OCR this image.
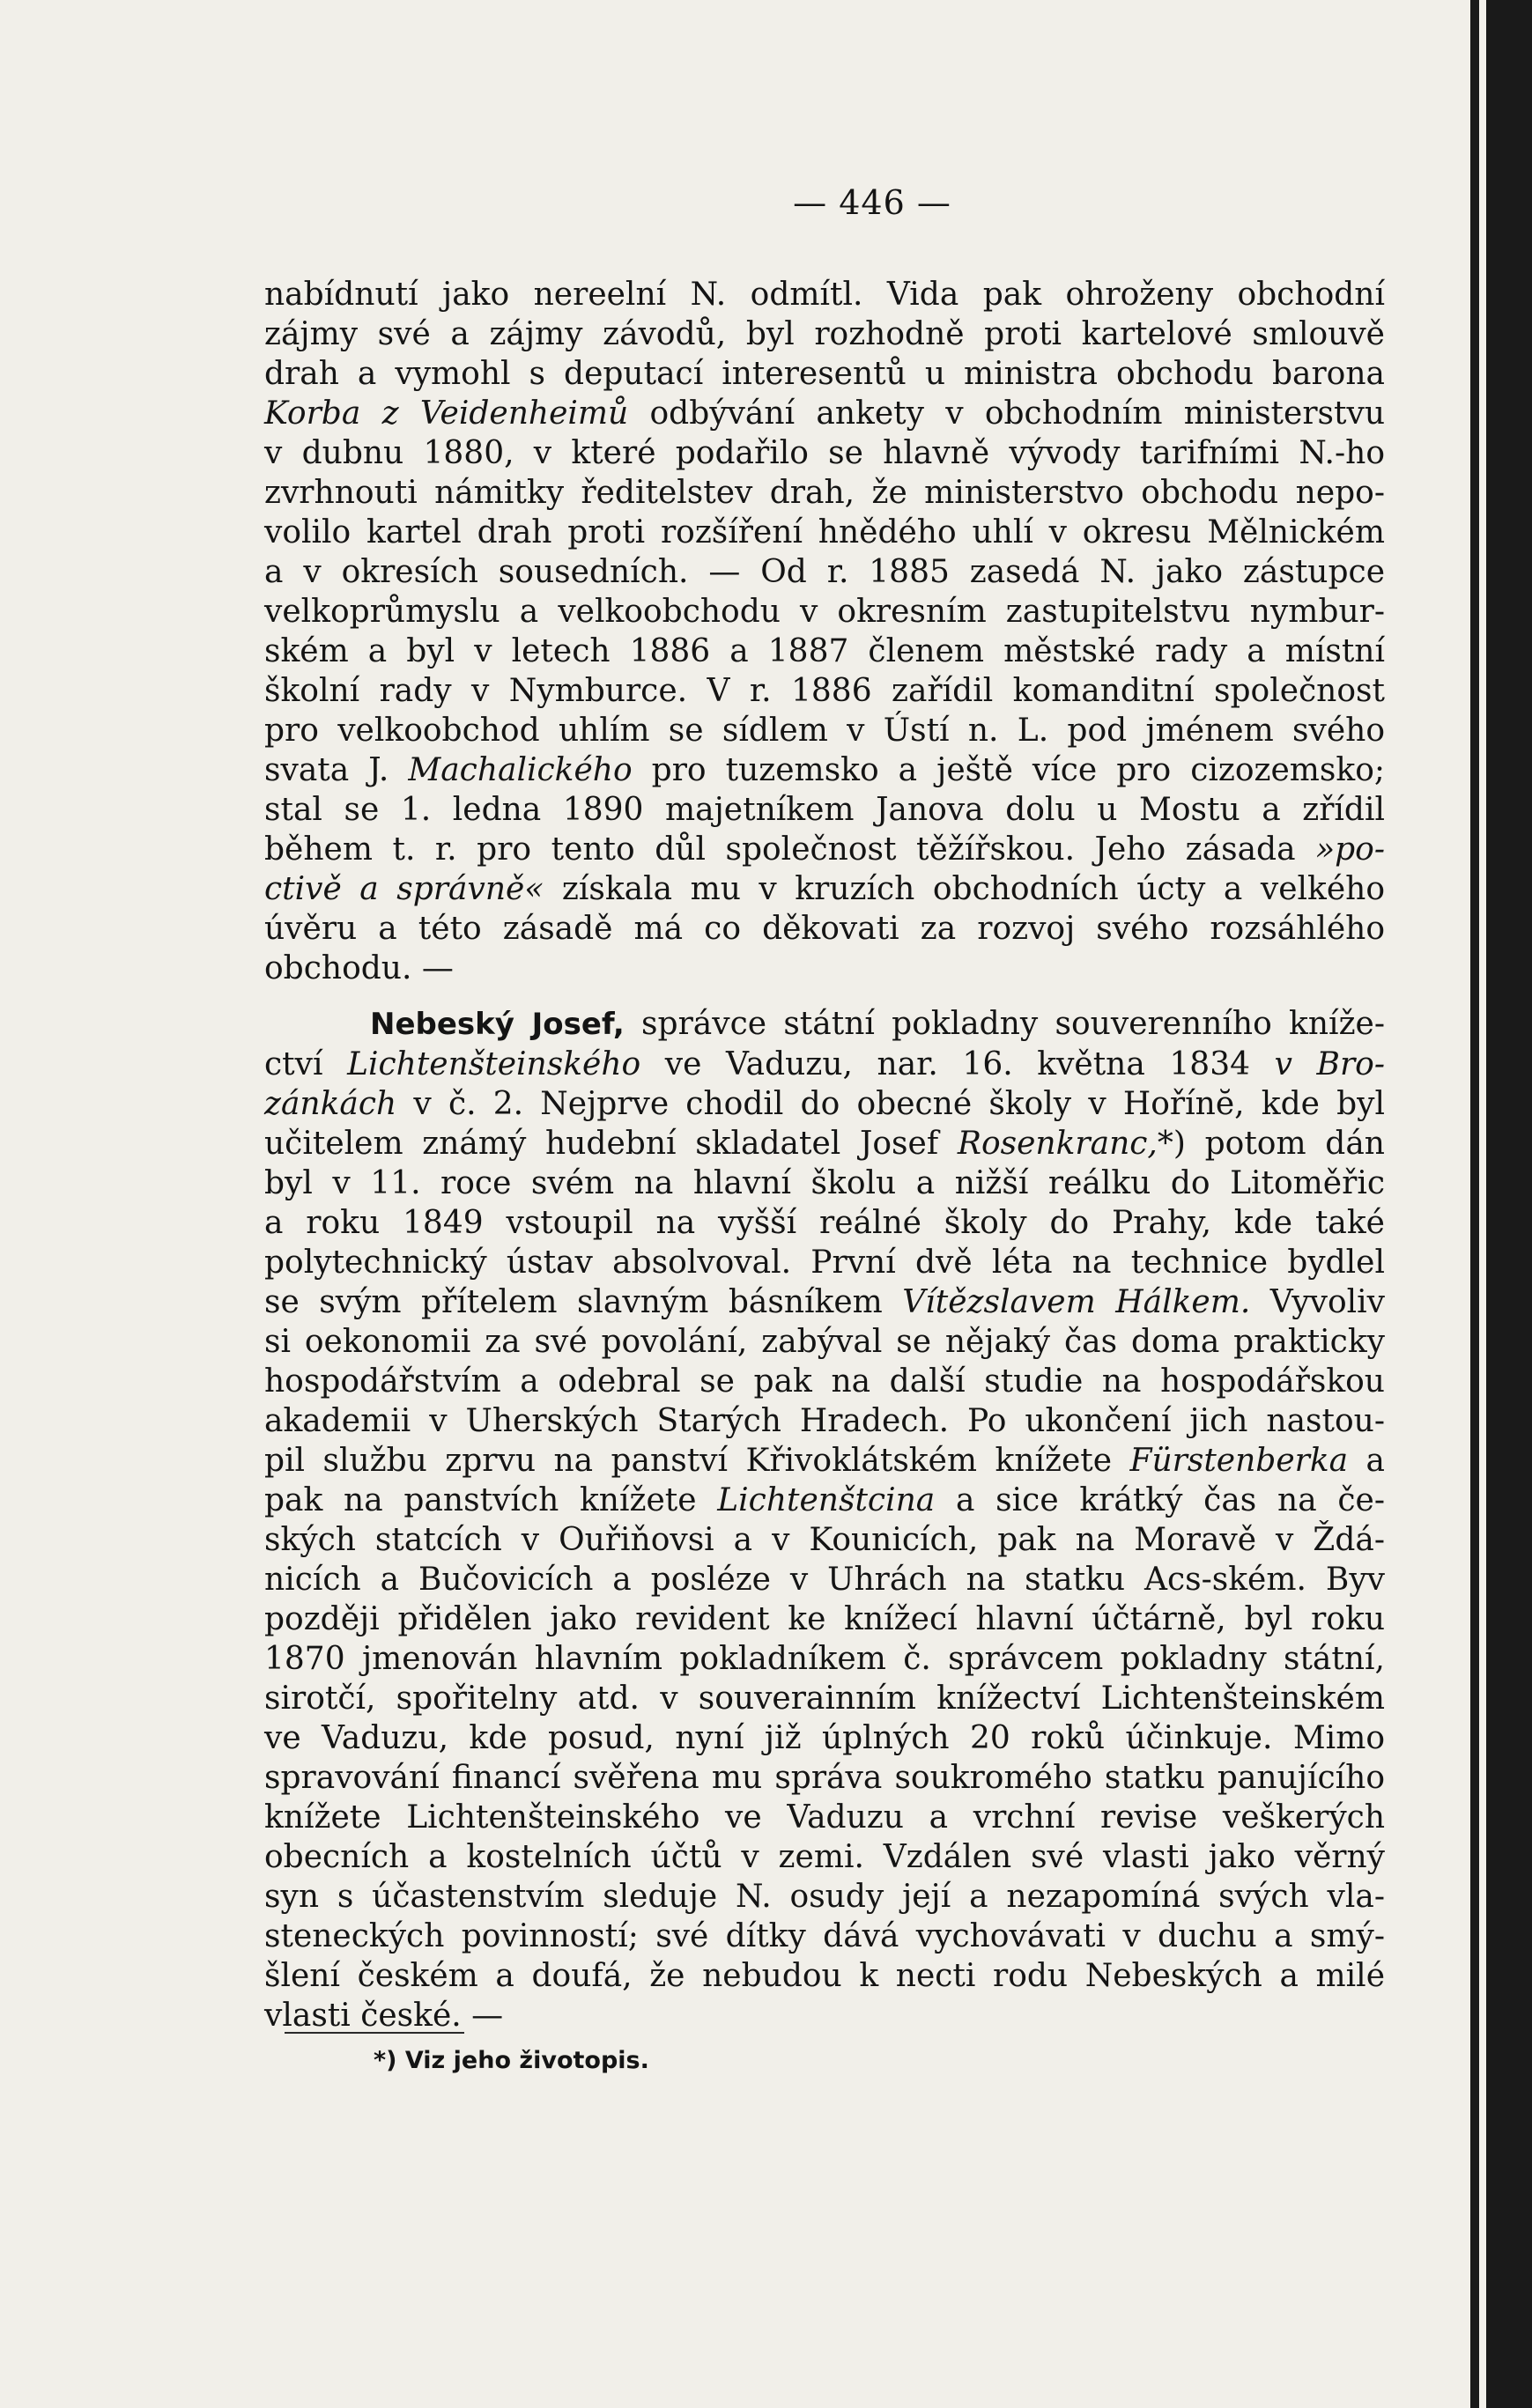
— 446 —
nabídnutí jako nereelní N. odmítl. Vida pak ohroženy obchodní
zájmy své a zájmy závodů, byl rozhodně proti kartelové smlouvě
drah a vymohl s deputací interesentů u ministra obchodu barona
Korba z Veidenheimů odbývání ankety v obchodním ministerstvu
v dubnu 1880, v které podařilo se hlavně vývody tarifními N.-ho
zvrhnouti námitky ředitelstev drah, že ministerstvo obchodu nepo-
volilo kartel drah proti rozšíření hnědého uhlí v okresu Mělnickém
a v okresích sousedních. — Od r. 1885 zasedá N. jako zástupce
velkoprůmyslu a velkoobchodu v okresním zastupitelstvu nymbur-
ském a byl v letech 1886 a 1887 členem městské rady a místní
školní rady v Nymburce. V r. 1886 zařídil komanditní společnost
pro velkoobchod uhlím se sídlem v Ústí n. L. pod jménem svého
svata J. Machalického pro tuzemsko a ještě více pro cizozemsko;
stal se 1. ledna 1890 majetníkem Janova dolu u Mostu a zřídil
během t. r. pro tento důl společnost těžířskou. Jeho zásada »po-
ctivě a správně« získala mu v kruzích obchodních úcty a velkého
úvěru a této zásadě má co děkovati za rozvoj svého rozsáhlého
obchodu. —
Nebeský Josef, správce státní pokladny souverenního kníže-
ctví Lichtenšteinského ve Vaduzu, nar. 16. května 1834 v Bro-
zánkách v č. 2. Nejprve chodil do obecné školy v Hořínĕ, kde byl
učitelem známý hudební skladatel Josef Rosenkranc,*) potom dán
byl v 11. roce svém na hlavní školu a nižší reálku do Litoměřic
a roku 1849 vstoupil na vyšší reálné školy do Prahy, kde také
polytechnický ústav absolvoval. První dvě léta na technice bydlel
se svým přítelem slavným básníkem Vítězslavem Hálkem. Vyvoliv
si oekonomii za své povolání, zabýval se nějaký čas doma prakticky
hospodářstvím a odebral se pak na další studie na hospodářskou
akademii v Uherských Starých Hradech. Po ukončení jich nastou-
pil službu zprvu na panství Křivoklátském knížete Fürstenberka a
pak na panstvích knížete Lichtenštcina a sice krátký čas na če-
ských statcích v Ouřiňovsi a v Kounicích, pak na Moravě v Ždá-
nicích a Bučovicích a posléze v Uhrách na statku Acs-ském. Byv
později přidělen jako revident ke knížecí hlavní účtárně, byl roku
1870 jmenován hlavním pokladníkem č. správcem pokladny státní,
sirotčí, spořitelny atd. v souverainním knížectví Lichtenšteinském
ve Vaduzu, kde posud, nyní již úplných 20 roků účinkuje. Mimo
spravování financí svěřena mu správa soukromého statku panujícího
knížete Lichtenšteinského ve Vaduzu a vrchní revise veškerých
obecních a kostelních účtů v zemi. Vzdálen své vlasti jako věrný
syn s účastenstvím sleduje N. osudy její a nezapomíná svých vla-
steneckých povinností; své dítky dává vychovávati v duchu a smý-
šlení českém a doufá, že nebudou k necti rodu Nebeských a milé
vlasti české. —
*) Viz jeho životopis.
